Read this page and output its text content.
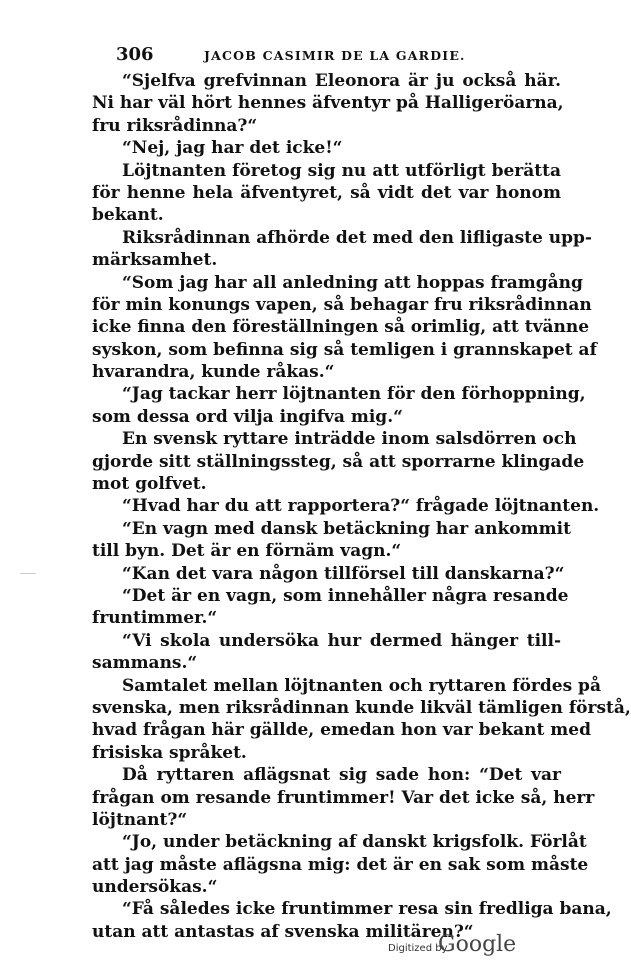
306	JACOB CASIMIR DE LA GARDIE.
“Sjelfva grefvinnan Eleonora är ju också här.
Ni har väl hört hennes äfventyr på Halligeröarna,
fru riksrådinna?“
“Nej, jag har det icke!“
Löjtnanten företog sig nu att utförligt berätta
för henne hela äfventyret, så vidt det var honom
bekant.
Riksrådinnan afhörde det med den lifligaste upp-
märksamhet.
“Som jag har all anledning att hoppas framgång
för min konungs vapen, så behagar fru riksrådinnan
icke finna den föreställningen så orimlig, att tvänne
syskon, som befinna sig så temligen i grannskapet af
hvarandra, kunde råkas.“
“Jag tackar herr löjtnanten för den förhoppning,
som dessa ord vilja ingifva mig.“
En svensk ryttare inträdde inom salsdörren och
gjorde sitt ställningssteg, så att sporrarne klingade
mot golfvet.
“Hvad har du att rapportera?“ frågade löjtnanten.
“En vagn med dansk betäckning har ankommit
till byn. Det är en förnäm vagn.“
“Kan det vara någon tillförsel till danskarna?“
“Det är en vagn, som innehåller några resande
fruntimmer.“
“Vi skola undersöka hur dermed hänger till-
sammans.“
Samtalet mellan löjtnanten och ryttaren fördes på
svenska, men riksrådinnan kunde likväl tämligen förstå,
hvad frågan här gällde, emedan hon var bekant med
frisiska språket.
Då ryttaren aflägsnat sig sade hon: “Det var
frågan om resande fruntimmer! Var det icke så, herr
löjtnant?“
“Jo, under betäckning af danskt krigsfolk. Förlåt
att jag måste aflägsna mig: det är en sak som måste
undersökas.“
“Få således icke fruntimmer resa sin fredliga bana,
utan att antastas af svenska militären?“
Digitized by
Google
